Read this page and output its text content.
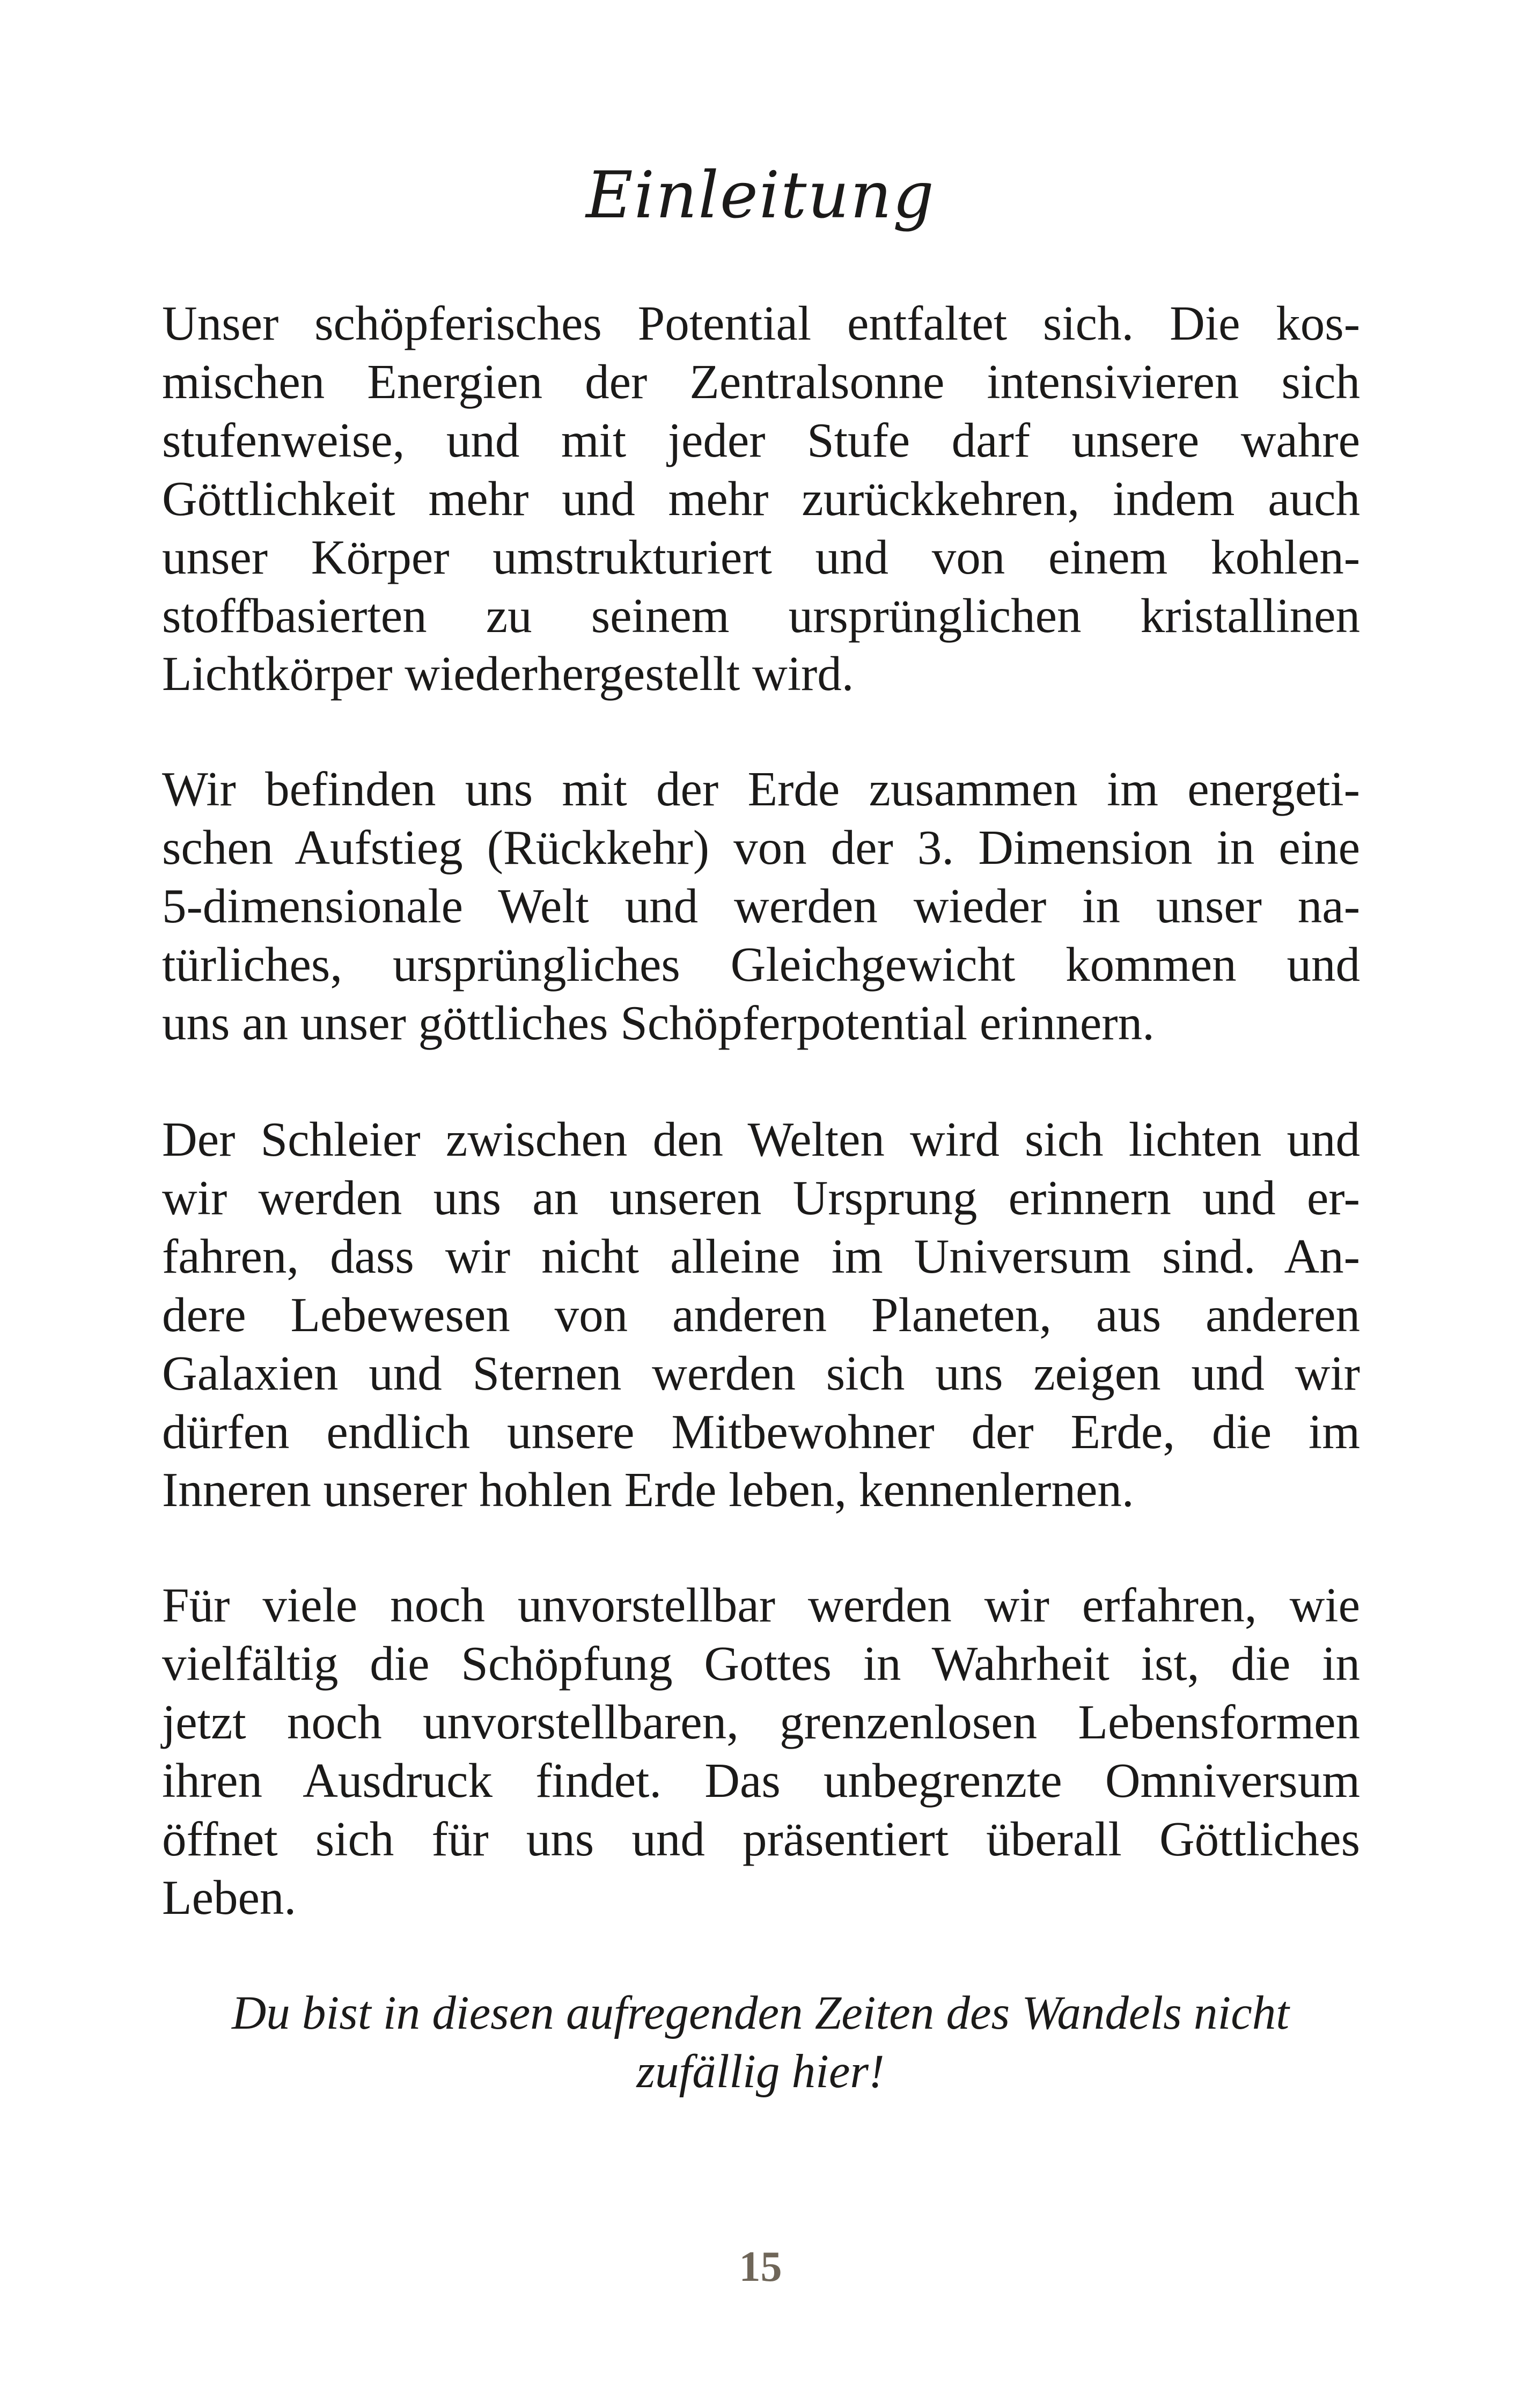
Einleitung
Unser schöpferisches Potential entfaltet sich. Die kos-
mischen Energien der Zentralsonne intensivieren sich
stufenweise, und mit jeder Stufe darf unsere wahre
Göttlichkeit mehr und mehr zurückkehren, indem auch
unser Körper umstrukturiert und von einem kohlen-
stoffbasierten zu seinem ursprünglichen kristallinen
Lichtkörper wiederhergestellt wird.
Wir befinden uns mit der Erde zusammen im energeti-
schen Aufstieg (Rückkehr) von der 3. Dimension in eine
5-dimensionale Welt und werden wieder in unser na-
türliches, ursprüngliches Gleichgewicht kommen und
uns an unser göttliches Schöpferpotential erinnern.
Der Schleier zwischen den Welten wird sich lichten und
wir werden uns an unseren Ursprung erinnern und er-
fahren, dass wir nicht alleine im Universum sind. An-
dere Lebewesen von anderen Planeten, aus anderen
Galaxien und Sternen werden sich uns zeigen und wir
dürfen endlich unsere Mitbewohner der Erde, die im
Inneren unserer hohlen Erde leben, kennenlernen.
Für viele noch unvorstellbar werden wir erfahren, wie
vielfältig die Schöpfung Gottes in Wahrheit ist, die in
jetzt noch unvorstellbaren, grenzenlosen Lebensformen
ihren Ausdruck findet. Das unbegrenzte Omniversum
öffnet sich für uns und präsentiert überall Göttliches
Leben.

Du bist in diesen aufregenden Zeiten des Wandels nicht
zufällig hier!

15
